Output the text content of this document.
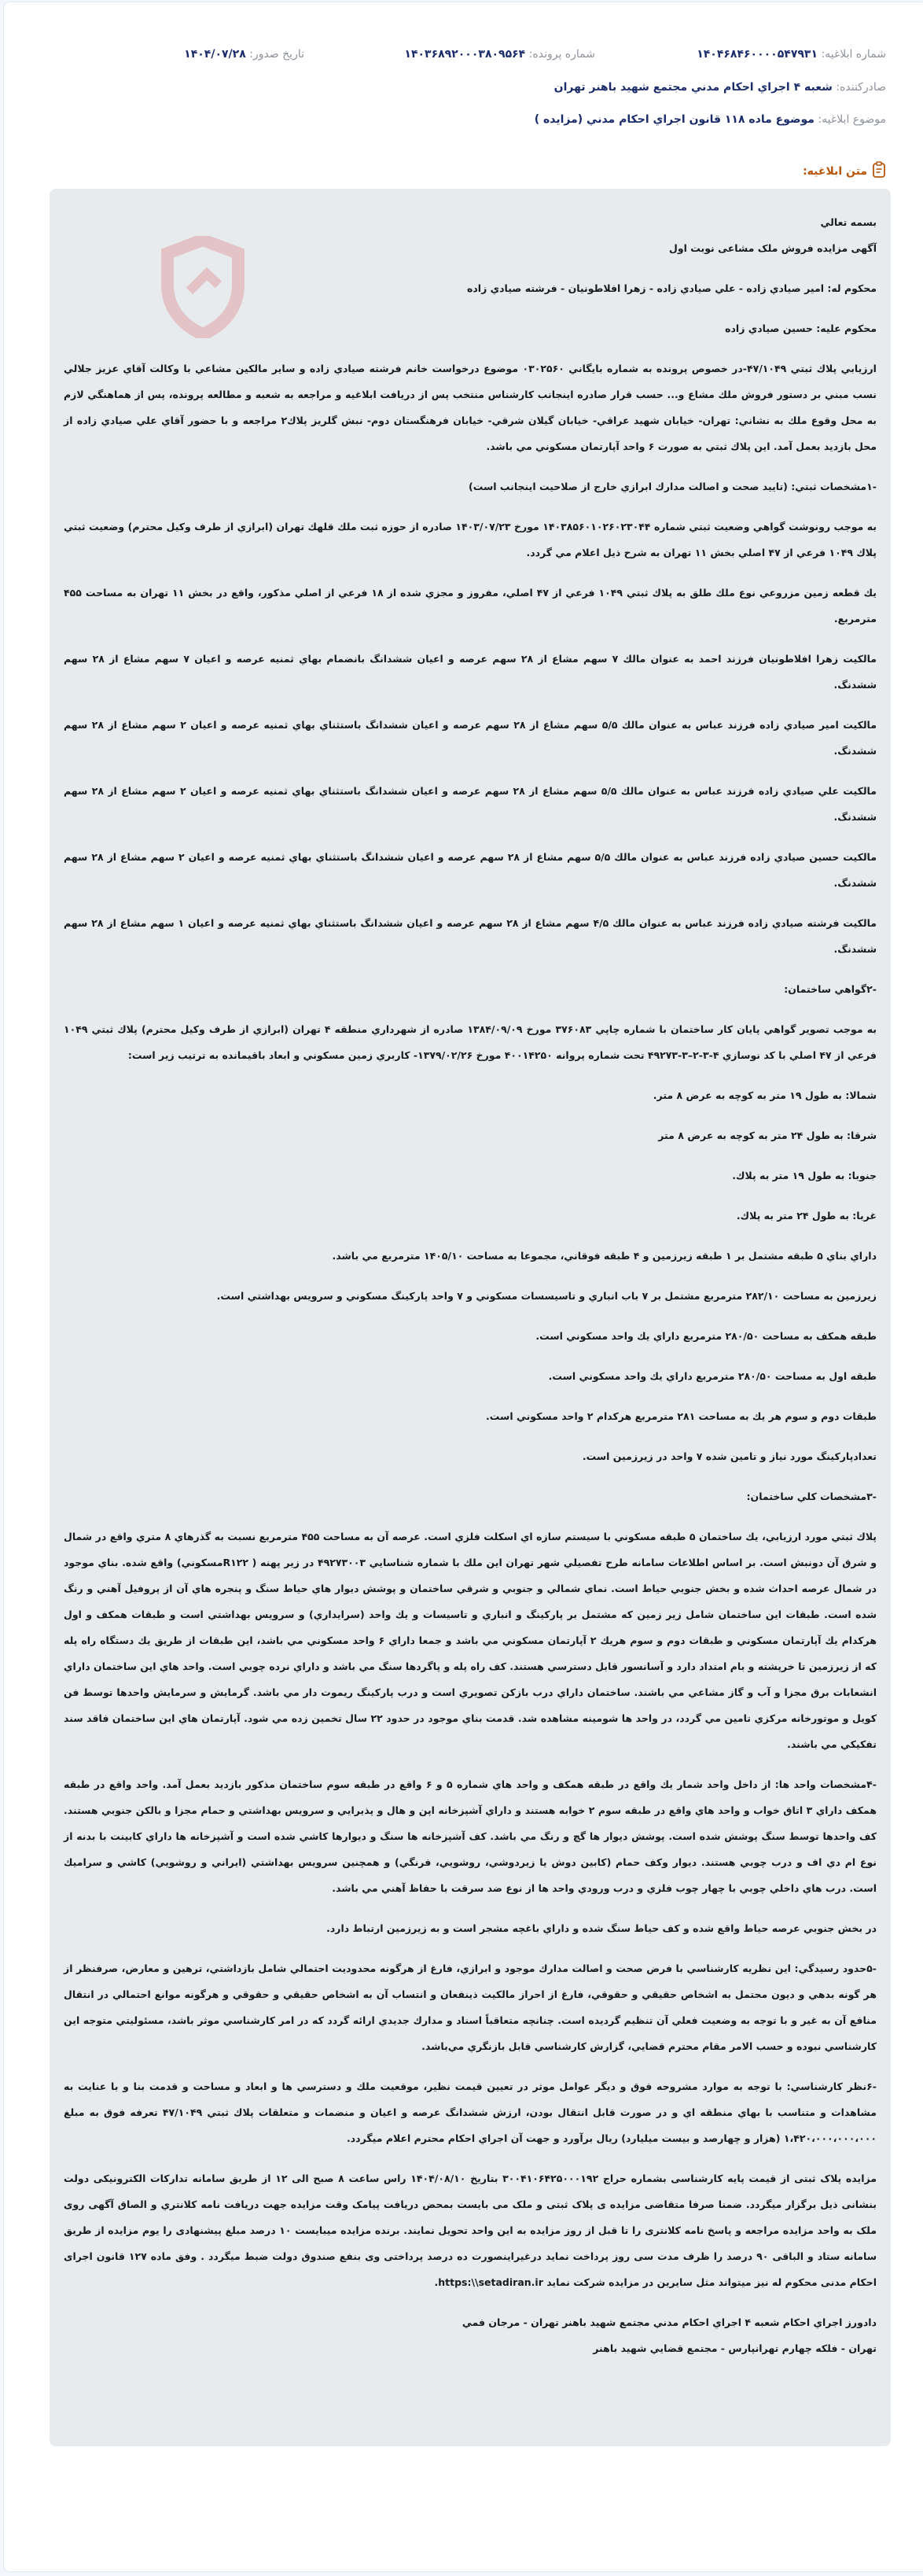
شماره ابلاغیه: ۱۴۰۴۶۸۴۶۰۰۰۰۵۴۷۹۳۱
شماره پرونده: ۱۴۰۳۶۸۹۲۰۰۰۳۸۰۹۵۶۴
تاریخ صدور: ۱۴۰۴/۰۷/۲۸
صادرکننده: شعبه ۴ اجراي احكام مدني مجتمع شهيد باهنر تهران
موضوع ابلاغیه: موضوع ماده ۱۱۸ قانون اجراي احكام مدني (مزايده )
متن ابلاغیه:
بسمه تعالي
آگهی مزايده فروش ملک مشاعی نوبت اول
محكوم له: امير صيادي زاده - علي صيادي زاده - زهرا افلاطونيان - فرشته صيادي زاده
محكوم عليه: حسين صيادي زاده
ارزيابي پلاك ثبتي ۴۷/۱۰۴۹-در خصوص پرونده به شماره بايگاني ۰۳۰۲۵۶۰ موضوع درخواست خانم فرشته صيادي زاده و ساير مالكين مشاعي با وكالت آقاي عزيز جلالي نسب مبني بر دستور فروش ملك مشاع و... حسب قرار صادره اينجانب كارشناس منتخب پس از دريافت ابلاغيه و مراجعه به شعبه و مطالعه پرونده، پس از هماهنگي لازم به محل وقوع ملك به نشاني: تهران- خيابان شهيد عراقي- خيابان گيلان شرقي- خيابان فرهنگستان دوم- نبش گلريز پلاك۲ مراجعه و با حضور آقاي علي صيادي زاده از محل بازديد بعمل آمد. اين پلاك ثبتي به صورت ۶ واحد آپارتمان مسكوني مي باشد.
-۱مشخصات ثبتي: (تاييد صحت و اصالت مدارك ابرازي خارج از صلاحيت اينجانب است)
به موجب رونوشت گواهي وضعيت ثبتي شماره ۱۴۰۳۸۵۶۰۱۰۲۶۰۲۳۰۴۴ مورخ ۱۴۰۳/۰۷/۲۳ صادره از حوزه ثبت ملك قلهك تهران (ابرازي از طرف وكيل محترم) وضعيت ثبتي پلاك ۱۰۴۹ فرعي از ۴۷ اصلي بخش ۱۱ تهران به شرح ذيل اعلام مي گردد.
يك قطعه زمين مزروعي نوع ملك طلق به پلاك ثبتي ۱۰۴۹ فرعي از ۴۷ اصلي، مفروز و مجزي شده از ۱۸ فرعي از اصلي مذكور، واقع در بخش ۱۱ تهران به مساحت ۴۵۵ مترمربع.
مالكيت زهرا افلاطونيان فرزند احمد به عنوان مالك ۷ سهم مشاع از ۲۸ سهم عرصه و اعيان ششدانگ بانضمام بهاي ثمنيه عرصه و اعيان ۷ سهم مشاع از ۲۸ سهم ششدنگ.
مالكيت امير صيادي زاده فرزند عباس به عنوان مالك ۵/۵ سهم مشاع از ۲۸ سهم عرصه و اعيان ششدانگ باستثناي بهاي ثمنيه عرصه و اعيان ۲ سهم مشاع از ۲۸ سهم ششدنگ.
مالكيت علي صيادي زاده فرزند عباس به عنوان مالك ۵/۵ سهم مشاع از ۲۸ سهم عرصه و اعيان ششدانگ باستثناي بهاي ثمنيه عرصه و اعيان ۲ سهم مشاع از ۲۸ سهم ششدنگ.
مالكيت حسين صيادي زاده فرزند عباس به عنوان مالك ۵/۵ سهم مشاع از ۲۸ سهم عرصه و اعيان ششدانگ باستثناي بهاي ثمنيه عرصه و اعيان ۲ سهم مشاع از ۲۸ سهم ششدنگ.
مالكيت فرشته صيادي زاده فرزند عباس به عنوان مالك ۴/۵ سهم مشاع از ۲۸ سهم عرصه و اعيان ششدانگ باستثناي بهاي ثمنيه عرصه و اعيان ۱ سهم مشاع از ۲۸ سهم ششدنگ.
-۲گواهي ساختمان:
به موجب تصوير گواهي پايان كار ساختمان با شماره چاپي ۳۷۶۰۸۳ مورخ ۱۳۸۴/۰۹/۰۹ صادره از شهرداري منطقه ۴ تهران (ابرازي از طرف وكيل محترم) پلاك ثبتي ۱۰۴۹ فرعي از ۴۷ اصلي با كد نوسازي ۴-۳-۲–۳-۴۹۲۷۳ تحت شماره پروانه ۴۰۰۱۴۲۵۰ مورخ ۱۳۷۹/۰۲/۲۶- كاربري زمين مسكوني و ابعاد باقيمانده به ترتيب زير است:
شمالا: به طول ۱۹ متر به كوچه به عرض ۸ متر.
شرقا: به طول ۲۴ متر به كوچه به عرض ۸ متر
جنوبا: به طول ۱۹ متر به پلاك.
غربا: به طول ۲۴ متر به پلاك.
داراي بناي ۵ طبقه مشتمل بر ۱ طبقه زيرزمين و ۴ طبقه فوقاني، مجموعا به مساحت ۱۴۰۵/۱۰ مترمربع مي باشد.
زيرزمين به مساحت ۲۸۲/۱۰ مترمربع مشتمل بر ۷ باب انباري و تاسيسسات مسكوني و ۷ واحد پاركينگ مسكوني و سرويس بهداشتي است.
طبقه همكف به مساحت ۲۸۰/۵۰ مترمربع داراي يك واحد مسكوني است.
طبقه اول به مساحت ۲۸۰/۵۰ مترمربع داراي يك واحد مسكوني است.
طبقات دوم و سوم هر يك به مساحت ۲۸۱ مترمربع هركدام ۲ واحد مسكوني است.
تعدادپاركينگ مورد نياز و تامين شده ۷ واحد در زيرزمين است.
-۳مشخصات كلي ساختمان:
پلاك ثبتي مورد ارزيابي، يك ساختمان ۵ طبقه مسكوني با سيستم سازه اي اسكلت فلزي است. عرصه آن به مساحت ۴۵۵ مترمربع نسبت به گذرهاي ۸ متري واقع در شمال و شرق آن دونبش است. بر اساس اطلاعات سامانه طرح تفصيلي شهر تهران اين ملك با شماره شناسايي ۴۹۲۷۳۰۰۳ در زير پهنه ( R۱۲۲مسكوني) واقع شده. بناي موجود در شمال عرصه احداث شده و بخش جنوبي حياط است. نماي شمالي و جنوبي و شرقي ساختمان و پوشش ديوار هاي حياط سنگ و پنجره هاي آن از پروفيل آهني و رنگ شده است. طبقات اين ساختمان شامل زير زمين كه مشتمل بر پاركينگ و انباري و تاسيسات و يك واحد (سرايداري) و سرويس بهداشتي است و طبقات همكف و اول هركدام يك آپارتمان مسكوني و طبقات دوم و سوم هريك ۲ آپارتمان مسكوني مي باشد و جمعا داراي ۶ واحد مسكوني مي باشد، اين طبقات از طريق يك دستگاه راه پله كه از زيرزمين تا خرپشته و بام امتداد دارد و آسانسور قابل دسترسي هستند. كف راه پله و پاگردها سنگ مي باشد و داراي نرده چوبي است. واحد هاي اين ساختمان داراي انشعابات برق مجزا و آب و گاز مشاعي مي باشند. ساختمان داراي درب بازكن تصويري است و درب پاركينگ ريموت دار مي باشد. گرمايش و سرمايش واحدها توسط فن كويل و موتورخانه مركزي تامين مي گردد، در واحد ها شومينه مشاهده شد. قدمت بناي موجود در حدود ۲۲ سال تخمين زده مي شود. آپارتمان هاي اين ساختمان فاقد سند تفكيكي مي باشند.
-۴مشخصات واحد ها: از داخل واحد شمار يك واقع در طبقه همكف و واحد هاي شماره ۵ و ۶ واقع در طبقه سوم ساختمان مذكور بازديد بعمل آمد. واحد واقع در طبقه همكف داراي ۳ اتاق خواب و واحد هاي واقع در طبقه سوم ۲ خوابه هستند و داراي آشپزخانه اپن و هال و پذيرايي و سرويس بهداشتي و حمام مجزا و بالكن جنوبي هستند. كف واحدها توسط سنگ پوشش شده است. پوشش ديوار ها گچ و رنگ مي باشد. كف آشپزخانه ها سنگ و ديوارها كاشي شده است و آشپزخانه ها داراي كابينت با بدنه از نوع ام دي اف و درب چوبي هستند. ديوار وكف حمام (كابين دوش يا زيردوشي، روشويي، فرنگي) و همچنين سرويس بهداشتي (ايراني و روشويي) كاشي و سراميك است. درب هاي داخلي چوبي با چهار چوب فلزي و درب ورودي واحد ها از نوع ضد سرقت با حفاظ آهني مي باشد.
در بخش جنوبي عرصه حياط واقع شده و كف حياط سنگ شده و داراي باغچه مشجر است و به زيرزمين ارتباط دارد.
-۵حدود رسيدگي: اين نظريه كارشناسي با فرض صحت و اصالت مدارك موجود و ابرازي، فارغ از هرگونه محدوديت احتمالي شامل بازداشتي، ترهين و معارض، صرفنظر از هر گونه بدهي و ديون محتمل به اشخاص حقيقي و حقوقي، فارغ از احراز مالكيت ذينفعان و انتساب آن به اشخاص حقيقي و حقوقي و هرگونه موانع احتمالي در انتقال منافع آن به غير و با توجه به وضعيت فعلي آن تنظيم گرديده است. چنانچه متعاقباً اسناد و مدارك جديدي ارائه گردد كه در امر كارشناسي موثر باشد، مسئوليتي متوجه اين كارشناسي نبوده و حسب الامر مقام محترم قضايي، گزارش كارشناسي قابل بازنگري مي‌باشد.
-۶نظر كارشناسي: با توجه به موارد مشروحه فوق و ديگر عوامل موثر در تعيين قيمت نظير، موقعيت ملك و دسترسي ها و ابعاد و مساحت و قدمت بنا و با عنايت به مشاهدات و متناسب با بهاي منطقه اي و در صورت قابل انتقال بودن، ارزش ششدانگ عرصه و اعيان و منضمات و متعلقات پلاك ثبتي ۴۷/۱۰۴۹ تعرفه فوق به مبلغ ۱،۴۲۰،۰۰۰،۰۰۰،۰۰۰ (هزار و چهارصد و بيست ميليارد) ريال برآورد و جهت آن اجراي احكام محترم اعلام ميگردد.
مزایده پلاک ثبتی از قیمت پایه کارشناسی بشماره حراج ۳۰۰۴۱۰۶۴۲۵۰۰۰۱۹۲ بتاريخ ۱۴۰۴/۰۸/۱۰ راس ساعت ۸ صبح الی ۱۲ از طریق سامانه تدارکات الکترونیکی دولت بنشانی ذیل برگزار میگردد. ضمنا صرفا متقاضی مزایده ی پلاک ثبتی و ملک می بایست بمحض دریافت پیامک وقت مزایده جهت دریافت نامه کلانتري و الصاق آگهی روی ملک به واحد مزایده مراجعه و پاسخ نامه کلانتری را تا قبل از روز مزایده به این واحد تحویل نمایند. برنده مزایده میبایست ۱۰ درصد مبلغ پیشنهادی را یوم مزایده از طریق سامانه ستاد و الباقی ۹۰ درصد را ظرف مدت سی روز پرداخت نماید درغیراینصورت ده درصد پرداختی وی بنفع صندوق دولت ضبط میگردد . وفق ماده ۱۲۷ قانون اجرای احکام مدنی محکوم له نیز میتواند مثل سایرین در مزایده شرکت نماید https:\\setadiran.ir.
دادورز اجراي احكام شعبه ۴ اجراي احكام مدني مجتمع شهيد باهنر تهران - مرجان فمي
تهران - فلكه چهارم تهرانپارس - مجتمع قضايي شهيد باهنر
